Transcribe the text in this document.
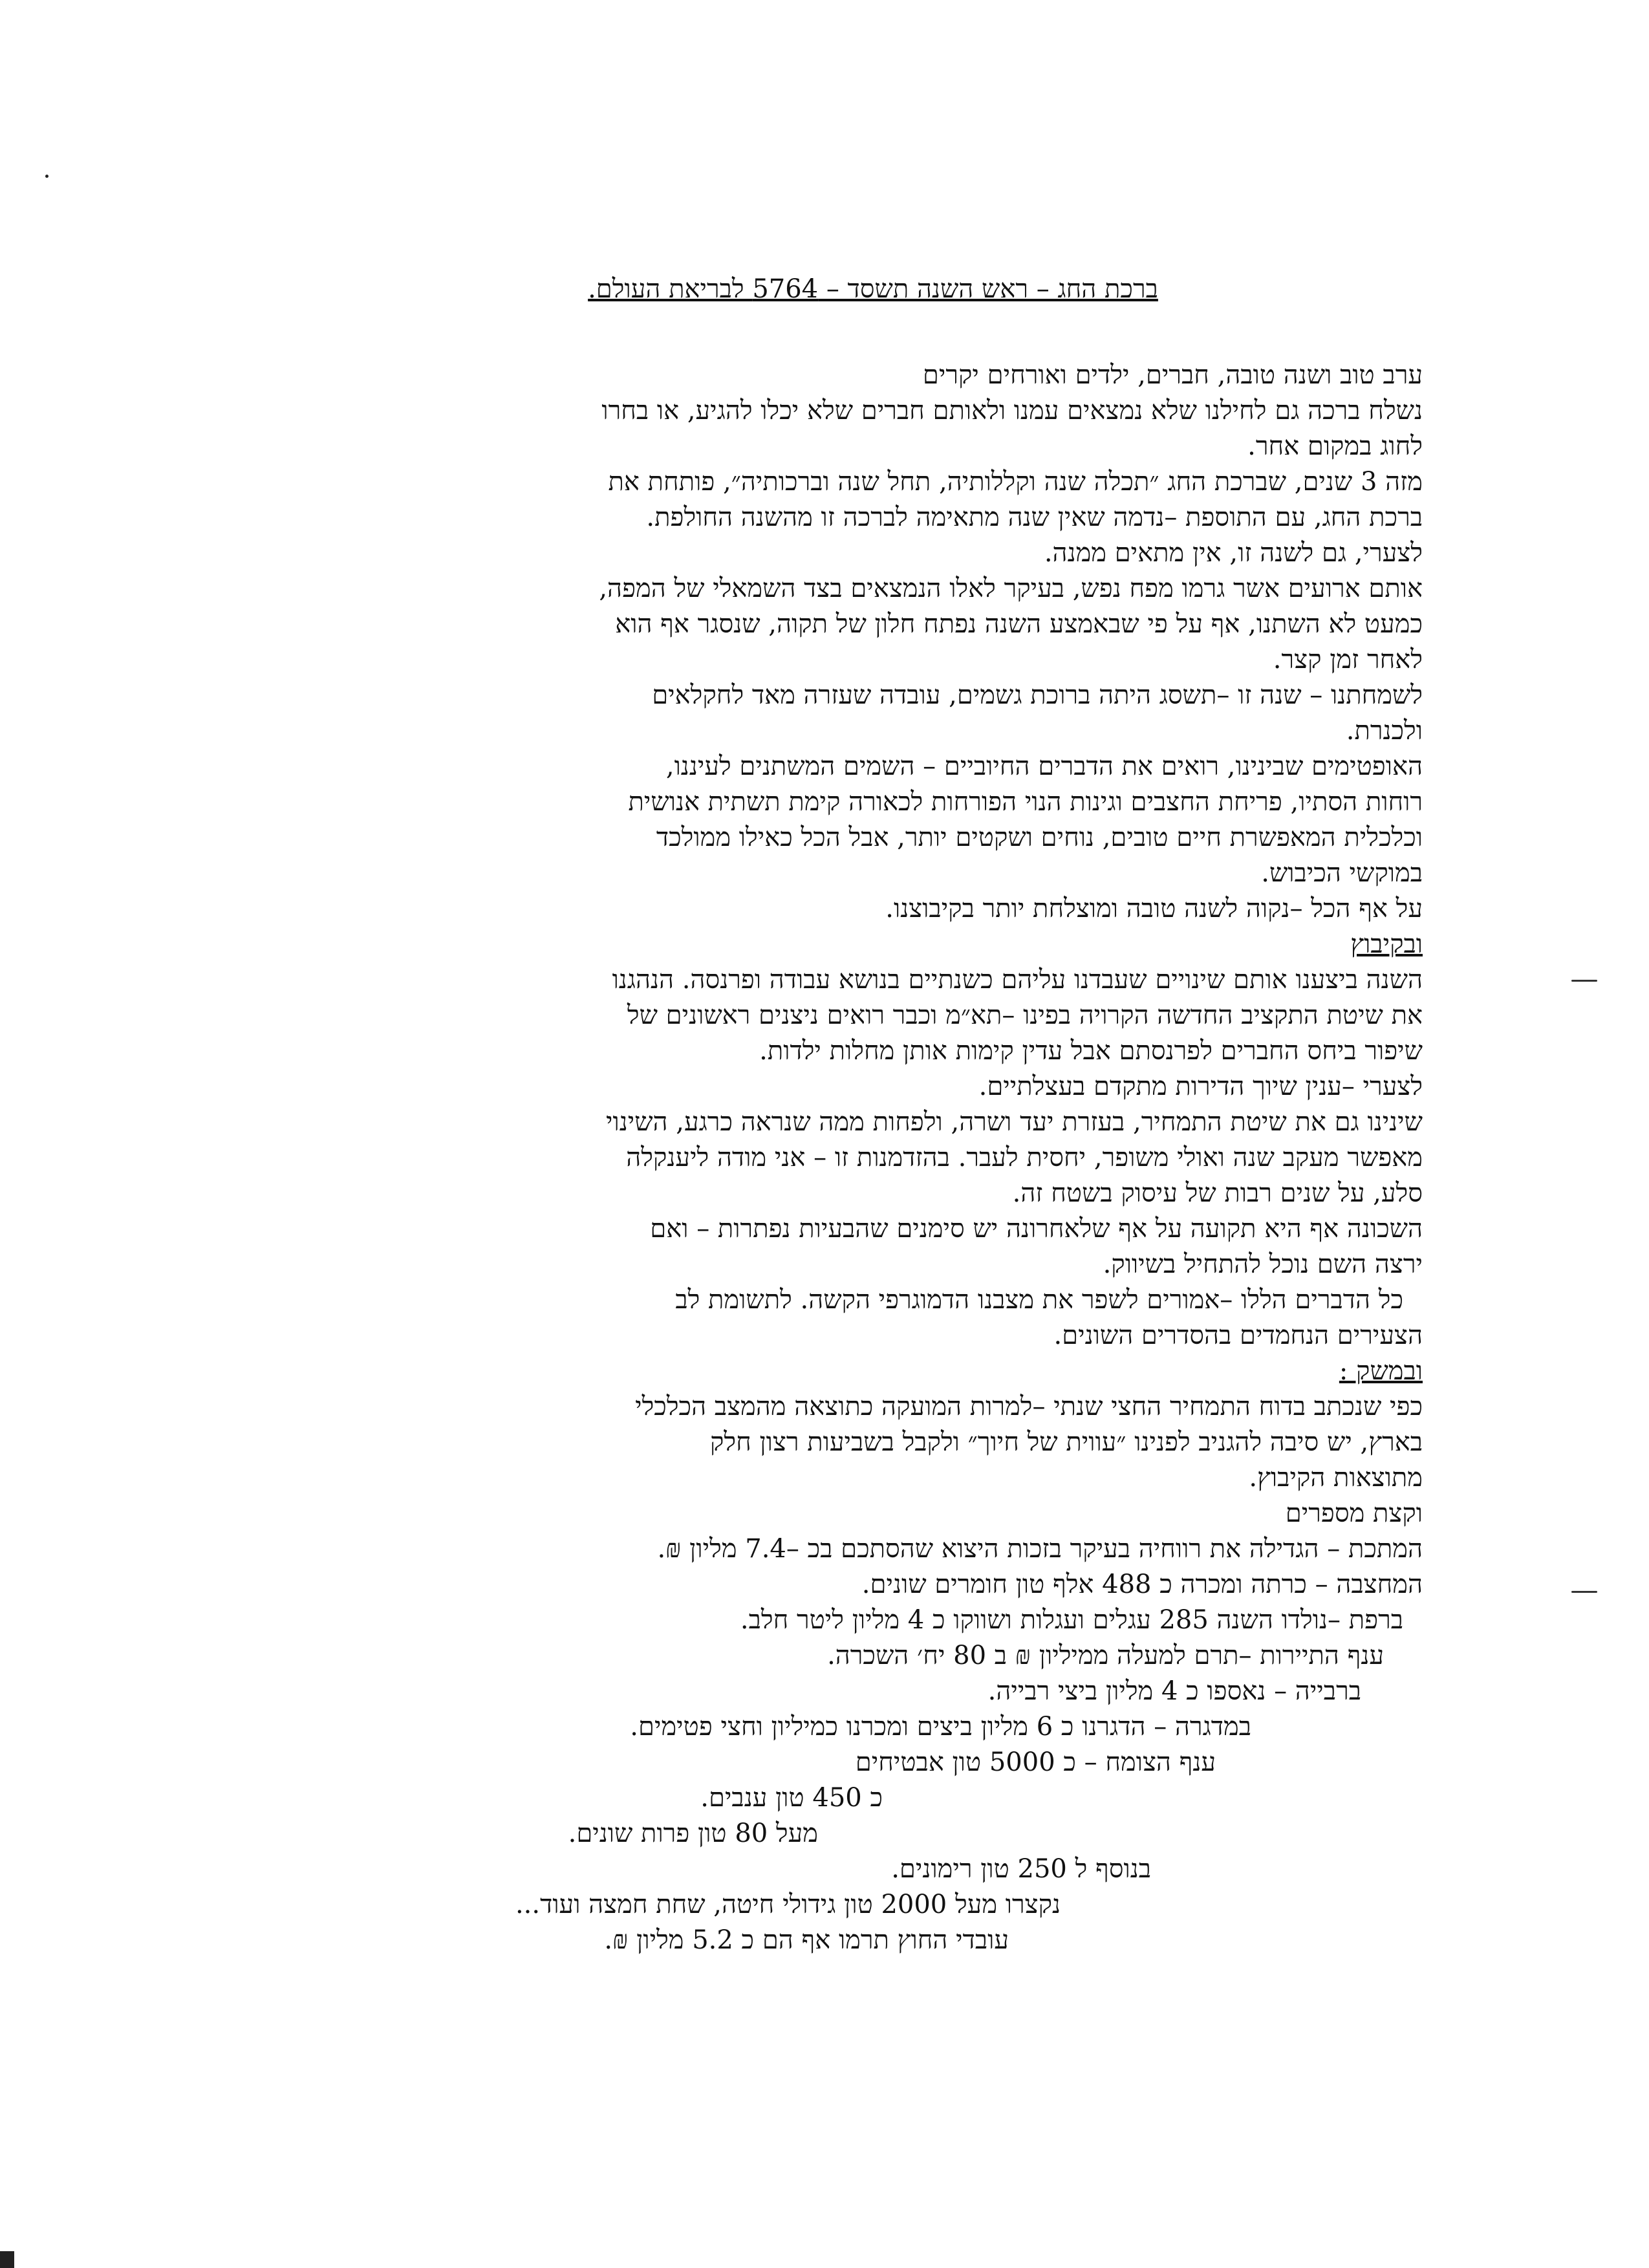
ברכת החג – ראש השנה תשסד – 5764 לבריאת העולם.
ערב טוב ושנה טובה, חברים, ילדים ואורחים יקרים
נשלח ברכה גם לחילנו שלא נמצאים עמנו ולאותם חברים שלא יכלו להגיע, או בחרו
לחוג במקום אחר.
מזה 3 שנים, שברכת החג ״תכלה שנה וקללותיה, תחל שנה וברכותיה״, פותחת את
ברכת החג, עם התוספת –נדמה שאין שנה מתאימה לברכה זו מהשנה החולפת.
לצערי, גם לשנה זו, אין מתאים ממנה.
אותם ארועים אשר גרמו מפח נפש, בעיקר לאלו הנמצאים בצד השמאלי של המפה,
כמעט לא השתנו, אף על פי שבאמצע השנה נפתח חלון של תקוה, שנסגר אף הוא
לאחר זמן קצר.
לשמחתנו – שנה זו –תשסג היתה ברוכת גשמים, עובדה שעזרה מאד לחקלאים
ולכנרת.
האופטימים שבינינו, רואים את הדברים החיוביים – השמים המשתנים לעיננו,
רוחות הסתיו, פריחת החצבים וגינות הנוי הפורחות לכאורה קימת תשתית אנושית
וכלכלית המאפשרת חיים טובים, נוחים ושקטים יותר, אבל הכל כאילו ממולכד
במוקשי הכיבוש.
על אף הכל –נקוה לשנה טובה ומוצלחת יותר בקיבוצנו.
ובקיבוץ
השנה ביצענו אותם שינויים שעבדנו עליהם כשנתיים בנושא עבודה ופרנסה. הנהגנו
את שיטת התקציב החדשה הקרויה בפינו –תא״מ וכבר רואים ניצנים ראשונים של
שיפור ביחס החברים לפרנסתם אבל עדין קימות אותן מחלות ילדות.
לצערי –ענין שיוך הדירות מתקדם בעצלתיים.
שינינו גם את שיטת התמחיר, בעזרת יעד ושרה, ולפחות ממה שנראה כרגע, השינוי
מאפשר מעקב שנה ואולי משופר, יחסית לעבר. בהזדמנות זו – אני מודה ליענקלה
סלע, על שנים רבות של עיסוק בשטח זה.
השכונה אף היא תקועה על אף שלאחרונה יש סימנים שהבעיות נפתרות – ואם
ירצה השם נוכל להתחיל בשיווק.
כל הדברים הללו –אמורים לשפר את מצבנו הדמוגרפי הקשה. לתשומת לב
הצעירים הנחמדים בהסדרים השונים.
ובמשק :
כפי שנכתב בדוח התמחיר החצי שנתי –למרות המועקה כתוצאה מהמצב הכלכלי
בארץ, יש סיבה להגניב לפנינו ״עווית של חיוך״ ולקבל בשביעות רצון חלק
מתוצאות הקיבוץ.
וקצת מספרים
המתכת – הגדילה את רווחיה בעיקר בזכות היצוא שהסתכם בכ –7.4 מליון ₪.
המחצבה – כרתה ומכרה כ 488 אלף טון חומרים שונים.
ברפת –נולדו השנה 285 עגלים ועגלות ושווקו כ 4 מליון ליטר חלב.
ענף התיירות –תרם למעלה ממיליון ₪ ב 80 יח׳ השכרה.
ברבייה – נאספו כ 4 מליון ביצי רבייה.
במדגרה – הדגרנו כ 6 מליון ביצים ומכרנו כמיליון וחצי פטימים.
ענף הצומח – כ 5000 טון אבטיחים
כ 450 טון ענבים.
מעל 80 טון פרות שונים.
בנוסף ל 250 טון רימונים.
נקצרו מעל 2000 טון גידולי חיטה, שחת חמצה ועוד...
עובדי החוץ תרמו אף הם כ 5.2 מליון ₪.
